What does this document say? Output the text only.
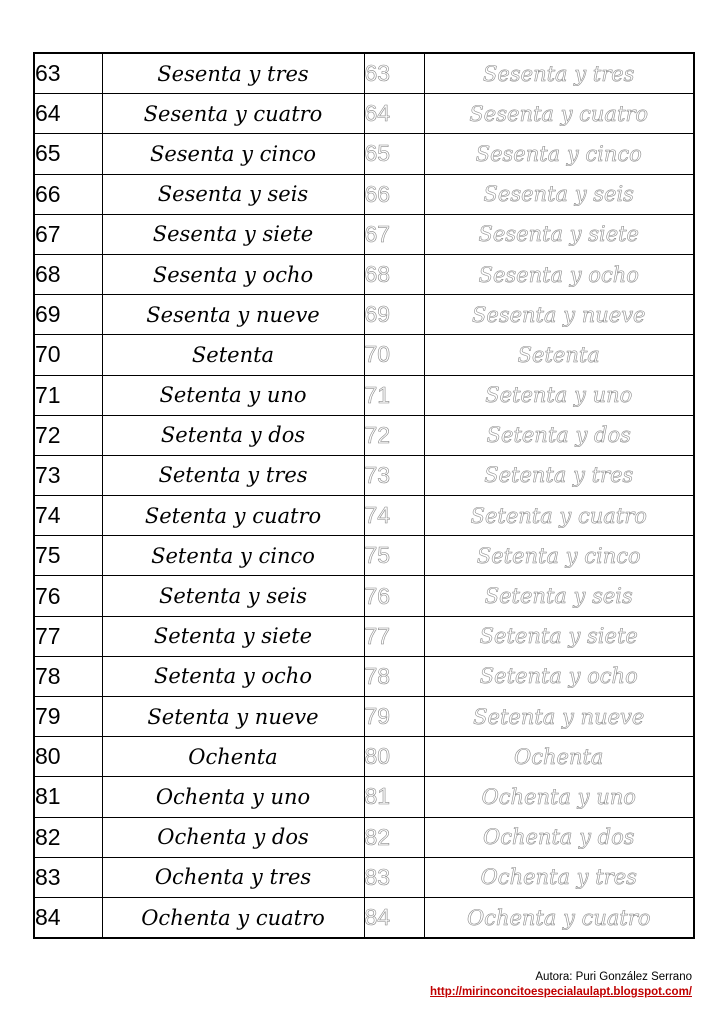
63	Sesenta y tres	63	Sesenta y tres
64	Sesenta y cuatro	64	Sesenta y cuatro
65	Sesenta y cinco	65	Sesenta y cinco
66	Sesenta y seis	66	Sesenta y seis
67	Sesenta y siete	67	Sesenta y siete
68	Sesenta y ocho	68	Sesenta y ocho
69	Sesenta y nueve	69	Sesenta y nueve
70	Setenta	70	Setenta
71	Setenta y uno	71	Setenta y uno
72	Setenta y dos	72	Setenta y dos
73	Setenta y tres	73	Setenta y tres
74	Setenta y cuatro	74	Setenta y cuatro
75	Setenta y cinco	75	Setenta y cinco
76	Setenta y seis	76	Setenta y seis
77	Setenta y siete	77	Setenta y siete
78	Setenta y ocho	78	Setenta y ocho
79	Setenta y nueve	79	Setenta y nueve
80	Ochenta	80	Ochenta
81	Ochenta y uno	81	Ochenta y uno
82	Ochenta y dos	82	Ochenta y dos
83	Ochenta y tres	83	Ochenta y tres
84	Ochenta y cuatro	84	Ochenta y cuatro
Autora: Puri González Serrano
http://mirinconcitoespecialaulapt.blogspot.com/
